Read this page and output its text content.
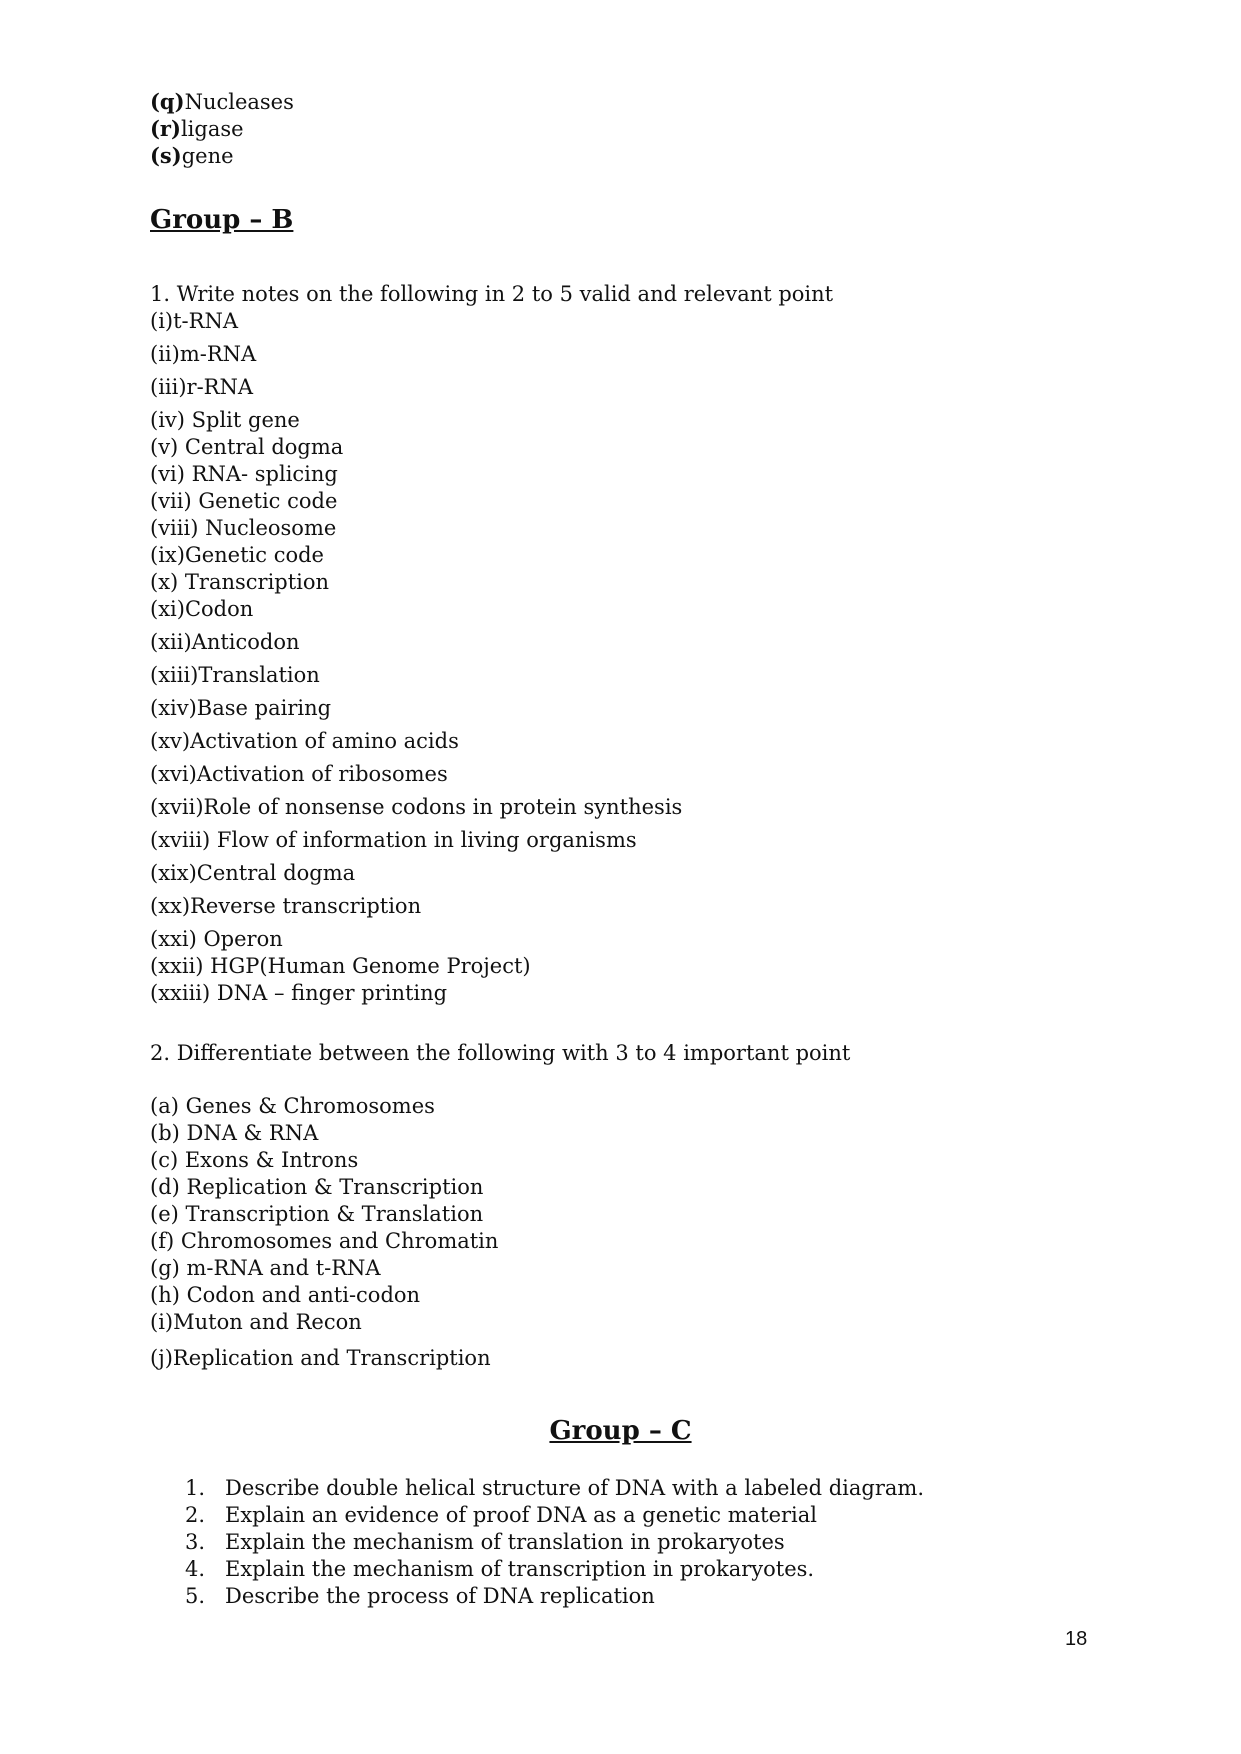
(q)Nucleases
(r)ligase
(s)gene
Group – B
1. Write notes on the following in 2 to 5 valid and relevant point
(i)t-RNA
(ii)m-RNA
(iii)r-RNA
(iv) Split gene
(v) Central dogma
(vi) RNA- splicing
(vii) Genetic code
(viii) Nucleosome
(ix)Genetic code
(x) Transcription
(xi)Codon
(xii)Anticodon
(xiii)Translation
(xiv)Base pairing
(xv)Activation of amino acids
(xvi)Activation of ribosomes
(xvii)Role of nonsense codons in protein synthesis
(xviii) Flow of information in living organisms
(xix)Central dogma
(xx)Reverse transcription
(xxi) Operon
(xxii) HGP(Human Genome Project)
(xxiii) DNA – finger printing
2. Differentiate between the following with 3 to 4 important point
(a) Genes & Chromosomes
(b) DNA & RNA
(c) Exons & Introns
(d) Replication & Transcription
(e) Transcription & Translation
(f) Chromosomes and Chromatin
(g) m-RNA and t-RNA
(h) Codon and anti-codon
(i)Muton and Recon
(j)Replication and Transcription
Group – C
1. Describe double helical structure of DNA with a labeled diagram.
2. Explain an evidence of proof DNA as a genetic material
3. Explain the mechanism of translation in prokaryotes
4. Explain the mechanism of transcription in prokaryotes.
5. Describe the process of DNA replication
18
